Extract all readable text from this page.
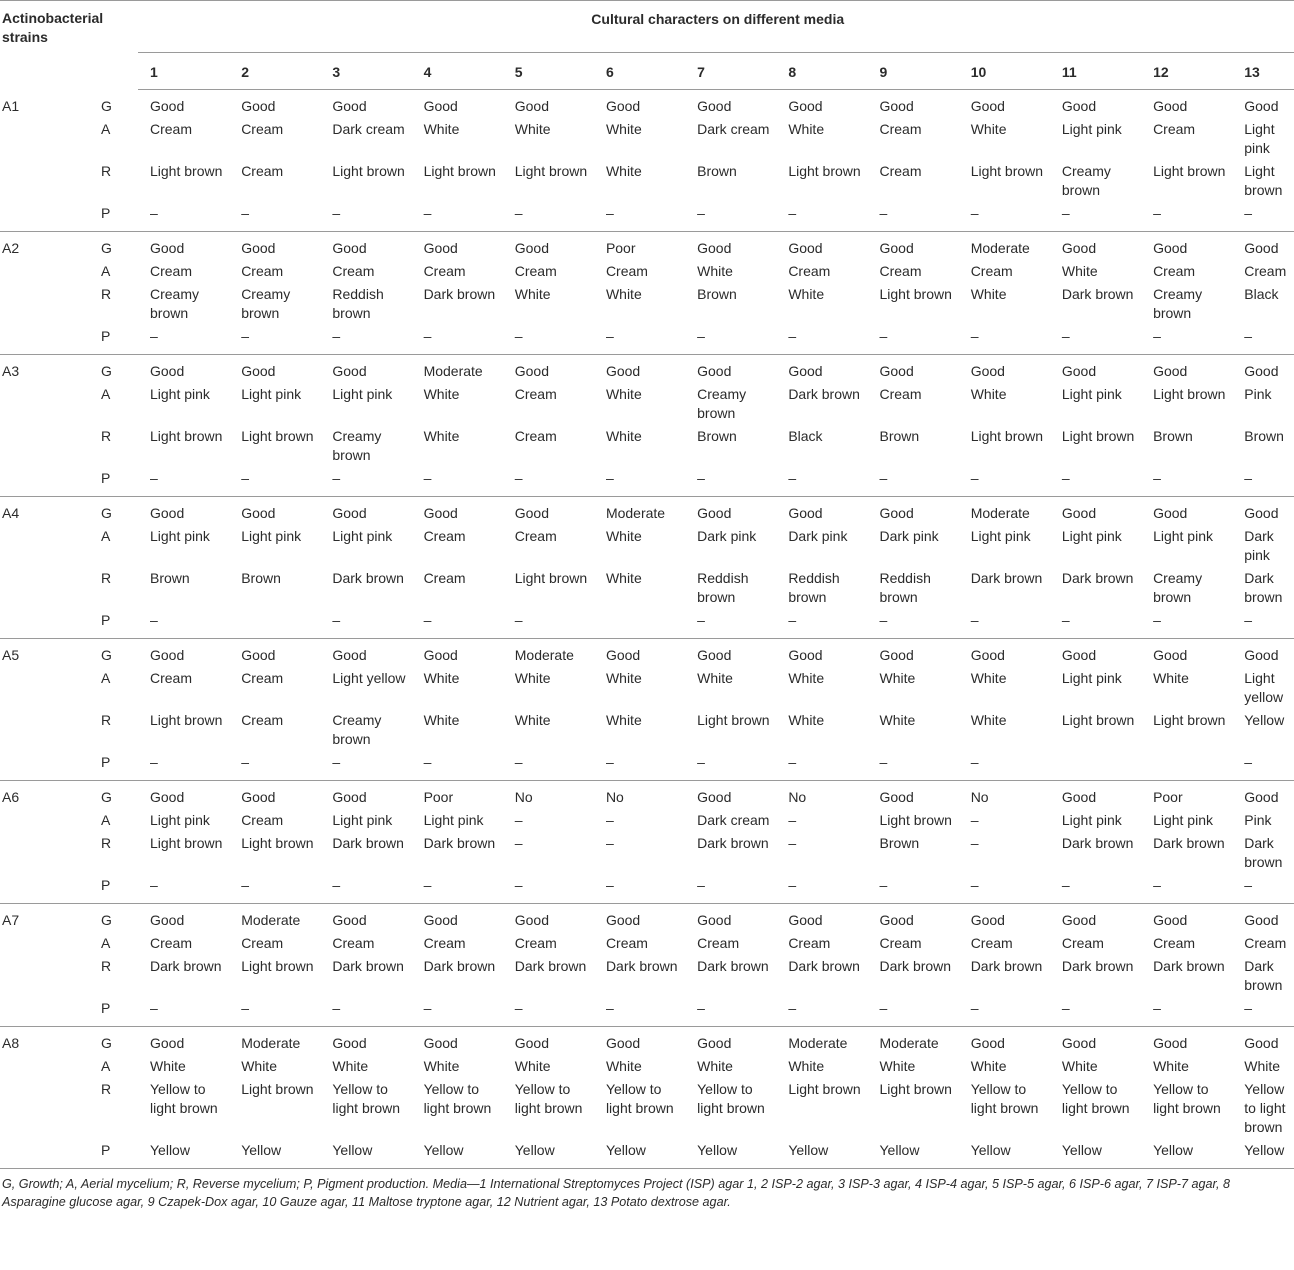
Actinobacterial strains		Cultural characters on different media												
		1	2	3	4	5	6	7	8	9	10	11	12	13
A1	G	Good	Good	Good	Good	Good	Good	Good	Good	Good	Good	Good	Good	Good
	A	Cream	Cream	Dark cream	White	White	White	Dark cream	White	Cream	White	Light pink	Cream	Light pink
	R	Light brown	Cream	Light brown	Light brown	Light brown	White	Brown	Light brown	Cream	Light brown	Creamy brown	Light brown	Light brown
	P	–	–	–	–	–	–	–	–	–	–	–	–	–
A2	G	Good	Good	Good	Good	Good	Poor	Good	Good	Good	Moderate	Good	Good	Good
	A	Cream	Cream	Cream	Cream	Cream	Cream	White	Cream	Cream	Cream	White	Cream	Cream
	R	Creamy brown	Creamy brown	Reddish brown	Dark brown	White	White	Brown	White	Light brown	White	Dark brown	Creamy brown	Black
	P	–	–	–	–	–	–	–	–	–	–	–	–	–
A3	G	Good	Good	Good	Moderate	Good	Good	Good	Good	Good	Good	Good	Good	Good
	A	Light pink	Light pink	Light pink	White	Cream	White	Creamy brown	Dark brown	Cream	White	Light pink	Light brown	Pink
	R	Light brown	Light brown	Creamy brown	White	Cream	White	Brown	Black	Brown	Light brown	Light brown	Brown	Brown
	P	–	–	–	–	–	–	–	–	–	–	–	–	–
A4	G	Good	Good	Good	Good	Good	Moderate	Good	Good	Good	Moderate	Good	Good	Good
	A	Light pink	Light pink	Light pink	Cream	Cream	White	Dark pink	Dark pink	Dark pink	Light pink	Light pink	Light pink	Dark pink
	R	Brown	Brown	Dark brown	Cream	Light brown	White	Reddish brown	Reddish brown	Reddish brown	Dark brown	Dark brown	Creamy brown	Dark brown
	P	–		–	–	–		–	–	–	–	–	–	–
A5	G	Good	Good	Good	Good	Moderate	Good	Good	Good	Good	Good	Good	Good	Good
	A	Cream	Cream	Light yellow	White	White	White	White	White	White	White	Light pink	White	Light yellow
	R	Light brown	Cream	Creamy brown	White	White	White	Light brown	White	White	White	Light brown	Light brown	Yellow
	P	–	–	–	–	–	–	–	–	–	–			–
A6	G	Good	Good	Good	Poor	No	No	Good	No	Good	No	Good	Poor	Good
	A	Light pink	Cream	Light pink	Light pink	–	–	Dark cream	–	Light brown	–	Light pink	Light pink	Pink
	R	Light brown	Light brown	Dark brown	Dark brown	–	–	Dark brown	–	Brown	–	Dark brown	Dark brown	Dark brown
	P	–	–	–	–	–	–	–	–	–	–	–	–	–
A7	G	Good	Moderate	Good	Good	Good	Good	Good	Good	Good	Good	Good	Good	Good
	A	Cream	Cream	Cream	Cream	Cream	Cream	Cream	Cream	Cream	Cream	Cream	Cream	Cream
	R	Dark brown	Light brown	Dark brown	Dark brown	Dark brown	Dark brown	Dark brown	Dark brown	Dark brown	Dark brown	Dark brown	Dark brown	Dark brown
	P	–	–	–	–	–	–	–	–	–	–	–	–	–
A8	G	Good	Moderate	Good	Good	Good	Good	Good	Moderate	Moderate	Good	Good	Good	Good
	A	White	White	White	White	White	White	White	White	White	White	White	White	White
	R	Yellow to light brown	Light brown	Yellow to light brown	Yellow to light brown	Yellow to light brown	Yellow to light brown	Yellow to light brown	Light brown	Light brown	Yellow to light brown	Yellow to light brown	Yellow to light brown	Yellow to light brown
	P	Yellow	Yellow	Yellow	Yellow	Yellow	Yellow	Yellow	Yellow	Yellow	Yellow	Yellow	Yellow	Yellow
G, Growth; A, Aerial mycelium; R, Reverse mycelium; P, Pigment production. Media—1 International Streptomyces Project (ISP) agar 1, 2 ISP-2 agar, 3 ISP-3 agar, 4 ISP-4 agar, 5 ISP-5 agar, 6 ISP-6 agar, 7 ISP-7 agar, 8 Asparagine glucose agar, 9 Czapek-Dox agar, 10 Gauze agar, 11 Maltose tryptone agar, 12 Nutrient agar, 13 Potato dextrose agar.
